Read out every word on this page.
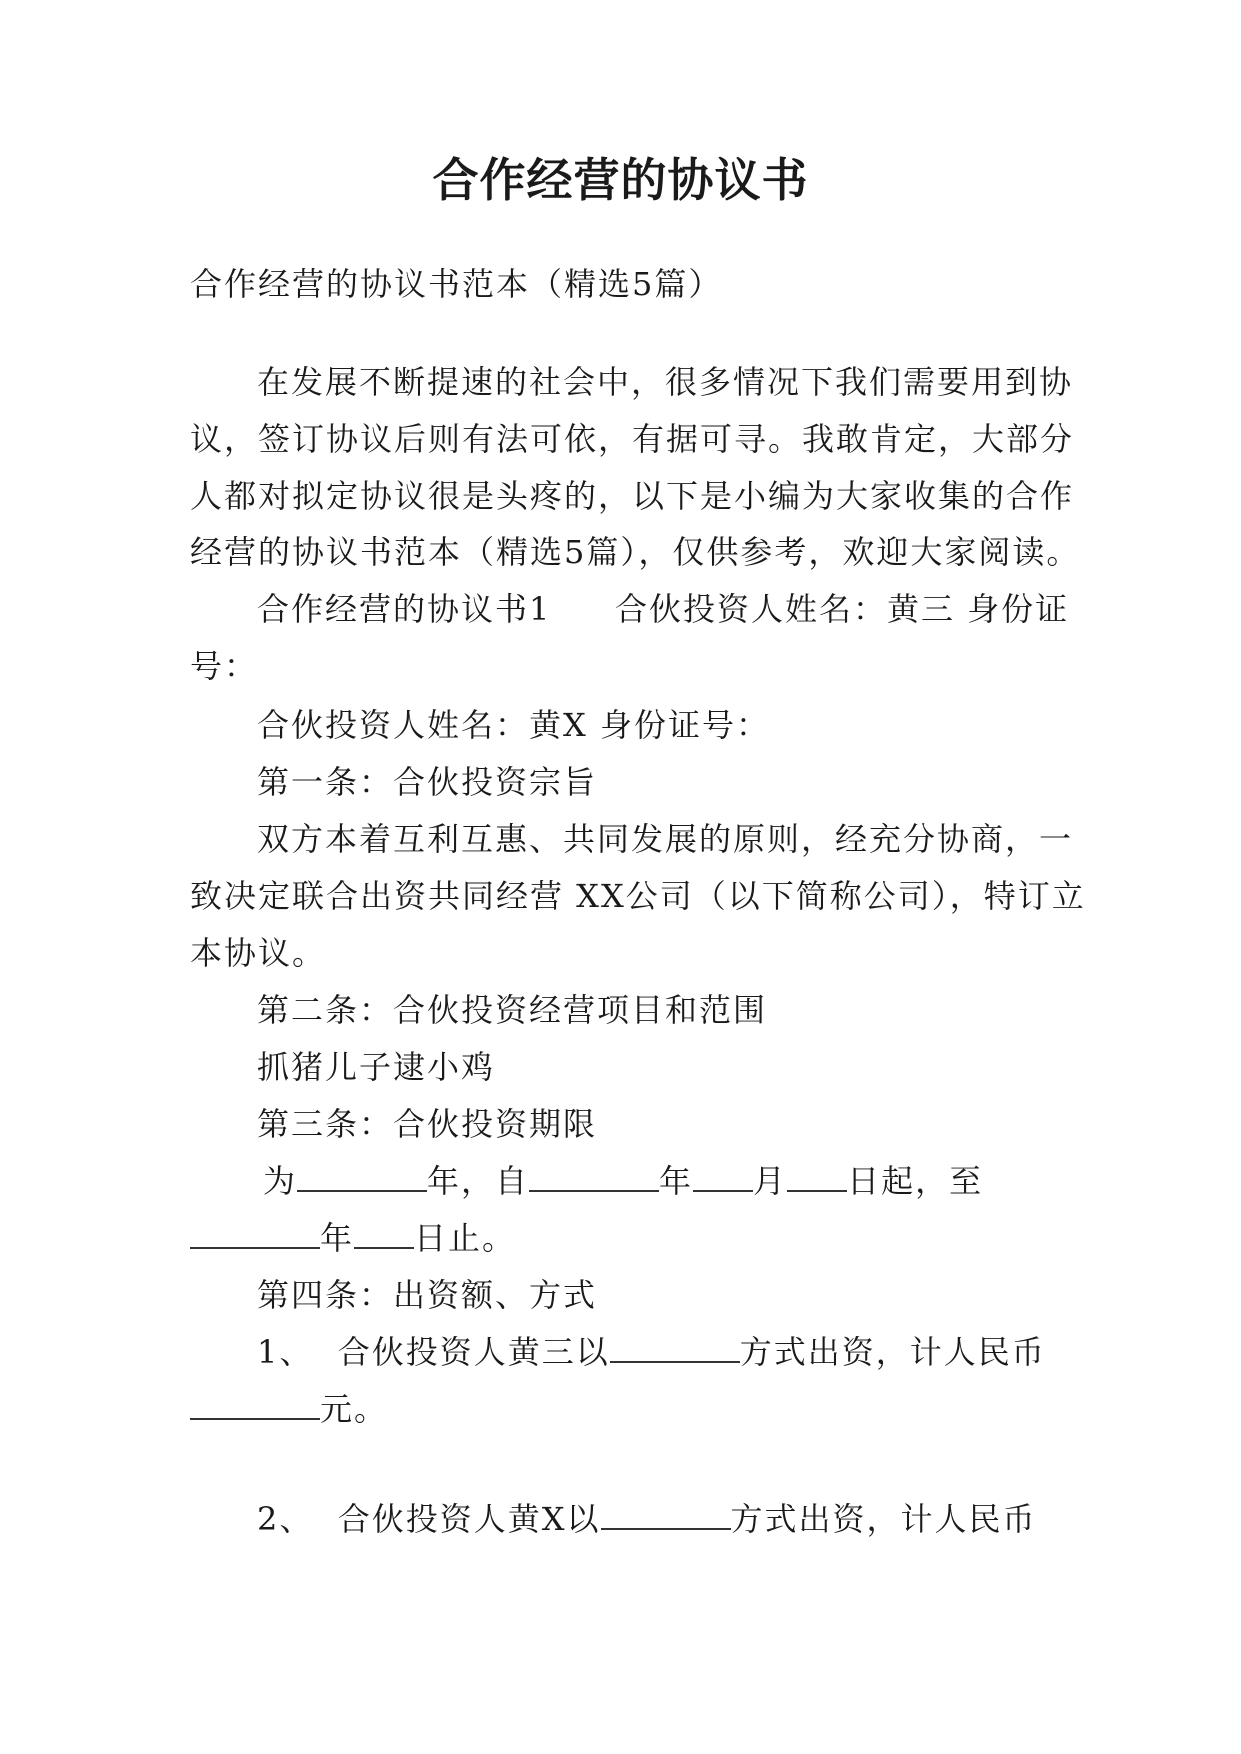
合作经营的协议书
合作经营的协议书范本（精选5篇）
在发展不断提速的社会中，很多情况下我们需要用到协
议，签订协议后则有法可依，有据可寻。我敢肯定，大部分
人都对拟定协议很是头疼的，以下是小编为大家收集的合作
经营的协议书范本（精选5篇），仅供参考，欢迎大家阅读。
合作经营的协议书1 合伙投资人姓名：黄三 身份证
号：
合伙投资人姓名：黄X 身份证号：
第一条：合伙投资宗旨
双方本着互利互惠、共同发展的原则，经充分协商，一
致决定联合出资共同经营 XX公司（以下简称公司），特订立
本协议。
第二条：合伙投资经营项目和范围
抓猪儿子逮小鸡
第三条：合伙投资期限
为	年，自	年 月 日起，至
年 日止。
第四条：出资额、方式
1、 合伙投资人黄三以	方式出资，计人民币
元。
2、 合伙投资人黄X以	方式出资，计人民币
